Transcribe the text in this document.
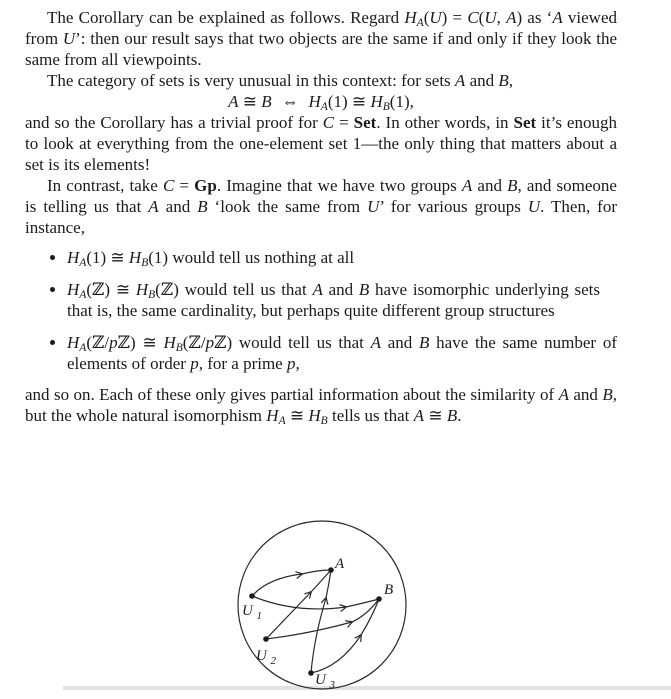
The Corollary can be explained as follows. Regard $H_A(U) = C(U$, A) as ‘A viewed from U’: then our result says that two objects are the same if and only if they look the same from all viewpoints.

The category of sets is very unusual in this context: for sets A and B,

A ≅ B  ⇔  $H_A(1)$ ≅ $H_B(1)$,

and so the Corollary has a trivial proof for C = Set. In other words, in Set it’s enough to look at everything from the one-element set 1—the only thing that matters about a set is its elements!

In contrast, take C = Gp. Imagine that we have two groups A and B, and someone is telling us that A and B ‘look the same from U’ for various groups U. Then, for instance,

• $H_A(1)$ ≅ $H_B(1)$ would tell us nothing at all
• $H_A(ℤ)$ ≅ $H_B(ℤ)$ would tell us that A and B have isomorphic underlying sets that is, the same cardinality, but perhaps quite different group structures
• $H_A(ℤ/pℤ)$ ≅ $H_B(ℤ/pℤ)$ would tell us that A and B have the same number of elements of order p, for a prime p,

and so on. Each of these only gives partial information about the similarity of A and B, but the whole natural isomorphism $H_A$ ≅ $H_B$ tells us that A ≅ B.

A
B
U 1
U 2
U 3
